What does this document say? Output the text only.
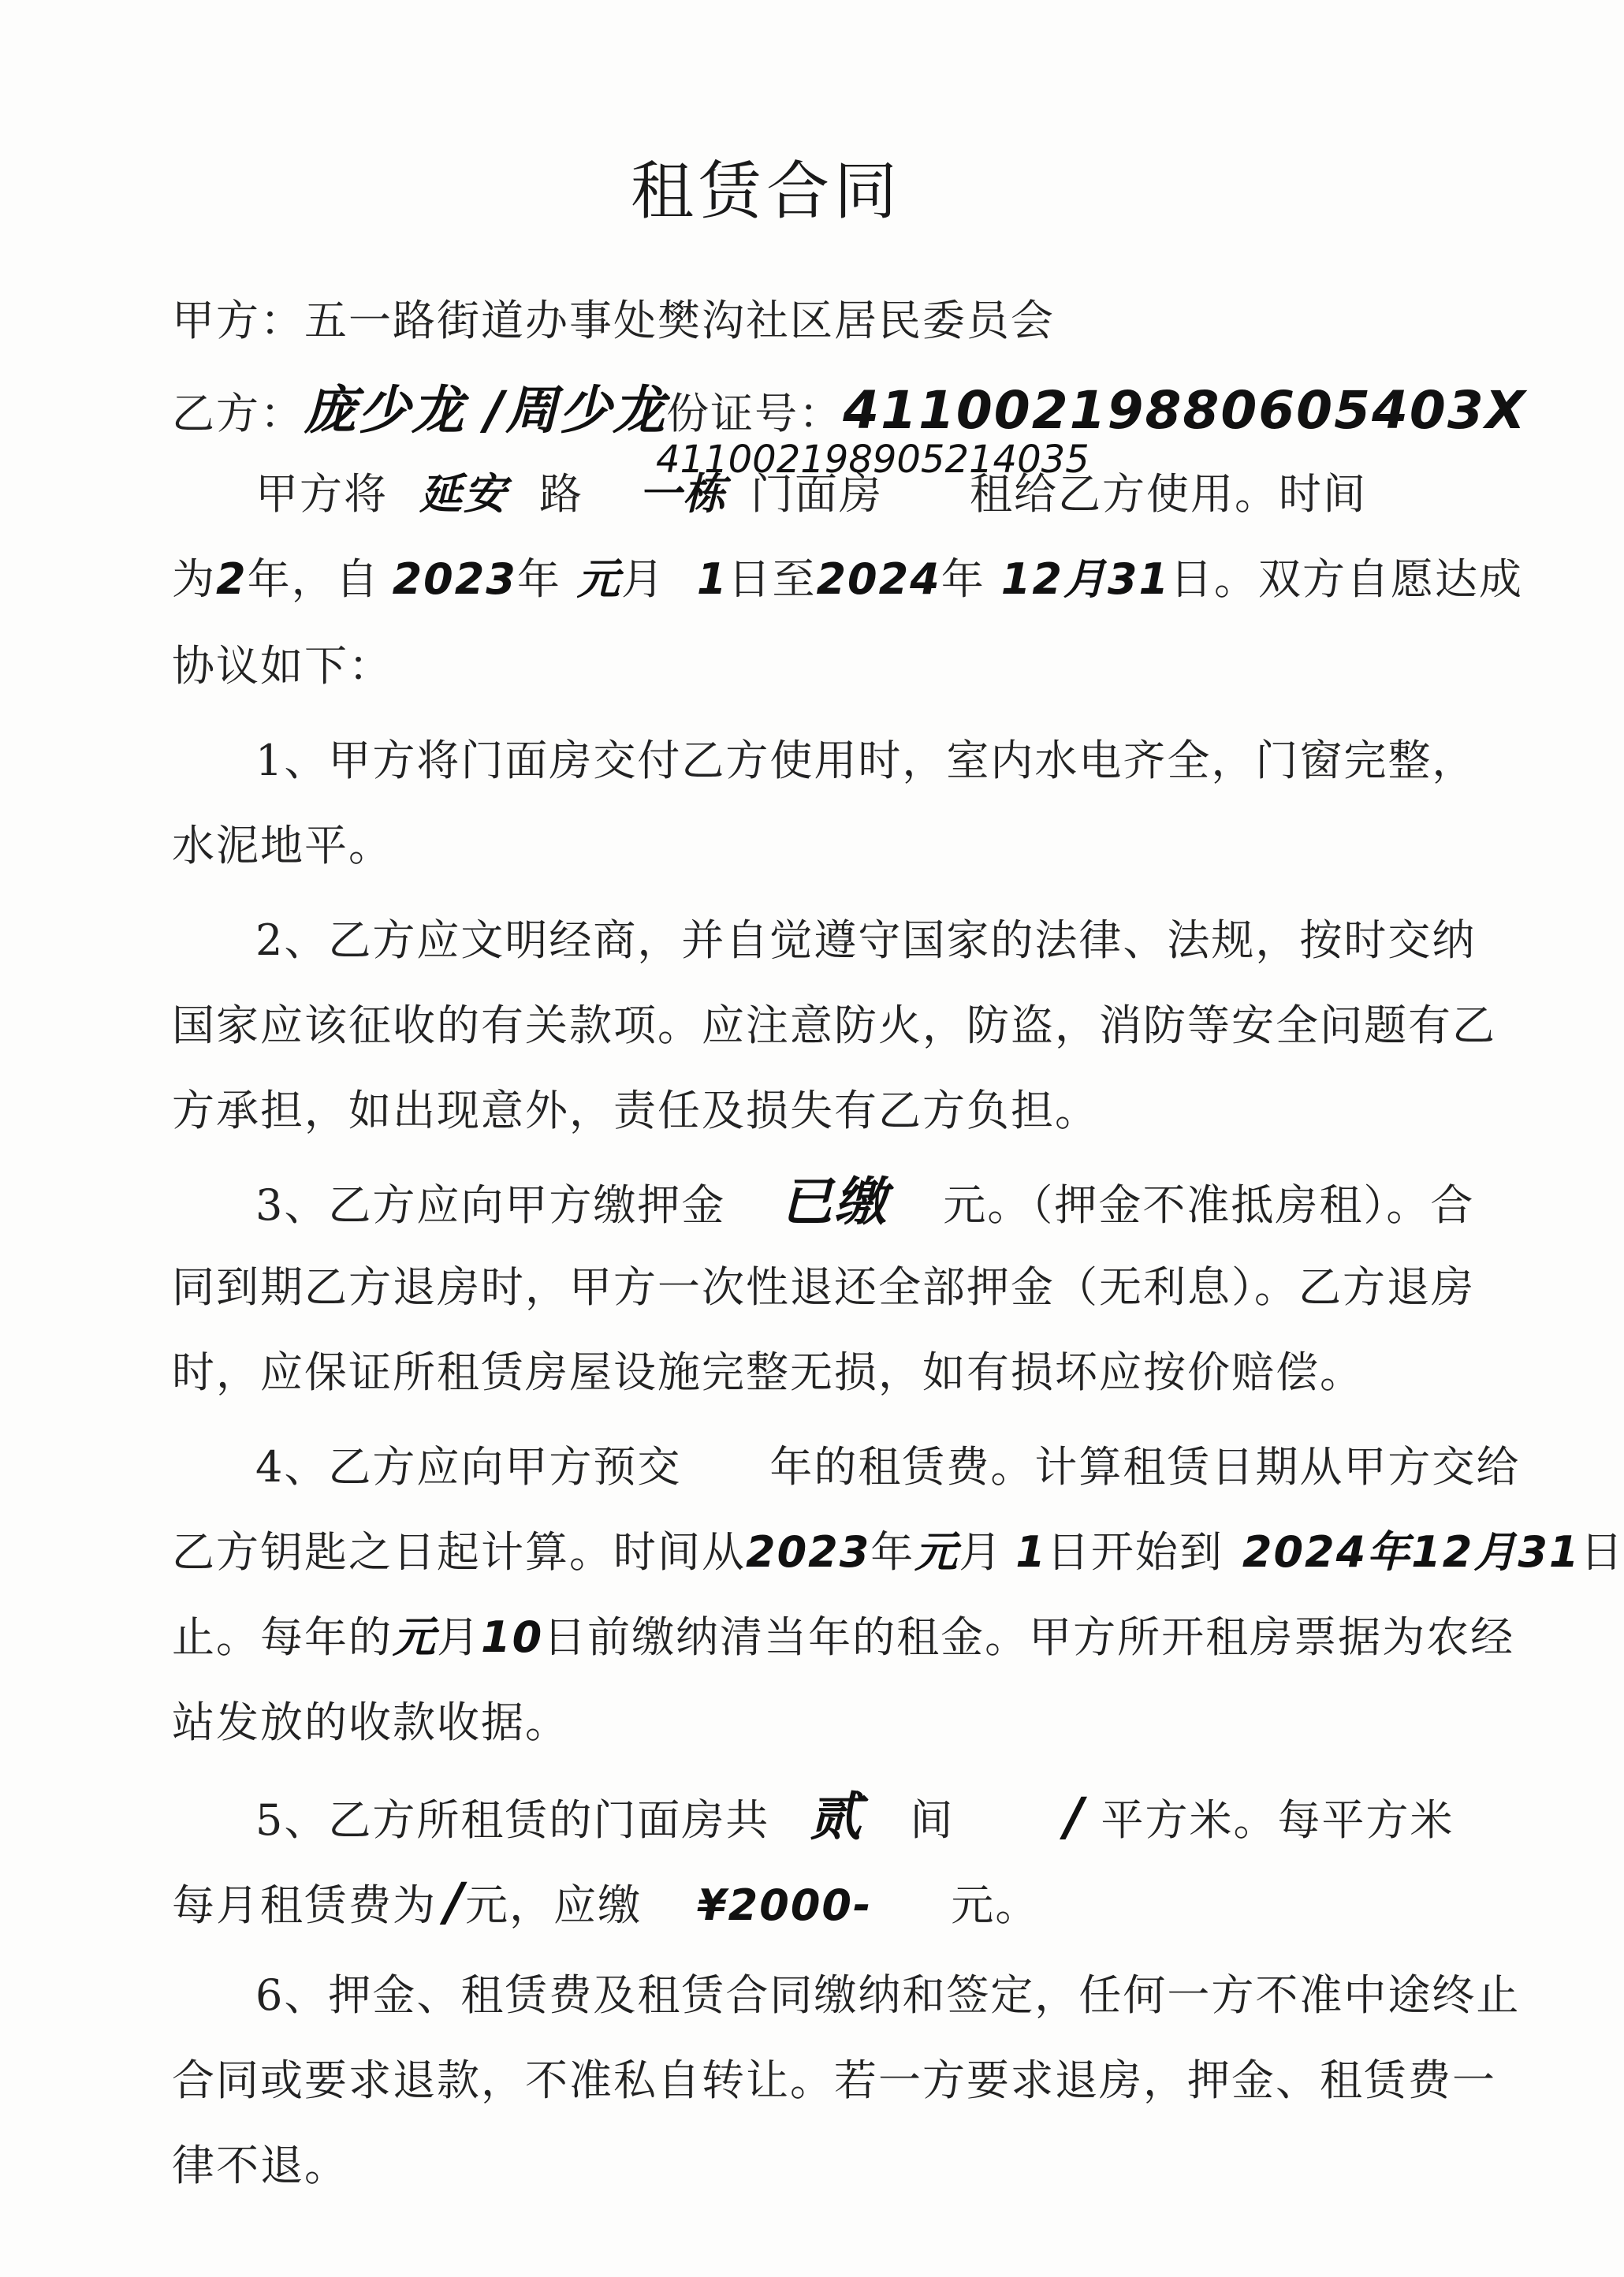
租赁合同
甲方：五一路街道办事处樊沟社区居民委员会
乙方：庞少龙 /周少龙份证号：41100219880605403X
411002198905214035
甲方将 延安 路 一栋 门面房 租给乙方使用。时间
为2年，自 2023年 元月 1日至2024年 12月31日。双方自愿达成
协议如下：
1、甲方将门面房交付乙方使用时，室内水电齐全，门窗完整，
水泥地平。
2、乙方应文明经商，并自觉遵守国家的法律、法规，按时交纳
国家应该征收的有关款项。应注意防火，防盗，消防等安全问题有乙
方承担，如出现意外，责任及损失有乙方负担。
3、乙方应向甲方缴押金 已缴 元。（押金不准抵房租）。合
同到期乙方退房时，甲方一次性退还全部押金（无利息）。乙方退房
时，应保证所租赁房屋设施完整无损，如有损坏应按价赔偿。
4、乙方应向甲方预交　　年的租赁费。计算租赁日期从甲方交给
乙方钥匙之日起计算。时间从2023年元月 1日开始到 2024年12月31日
止。每年的元月10日前缴纳清当年的租金。甲方所开租房票据为农经
站发放的收款收据。
5、乙方所租赁的门面房共 贰 间 / 平方米。每平方米
每月租赁费为 /元，应缴 ¥2000- 元。
6、押金、租赁费及租赁合同缴纳和签定，任何一方不准中途终止
合同或要求退款，不准私自转让。若一方要求退房，押金、租赁费一
律不退。
